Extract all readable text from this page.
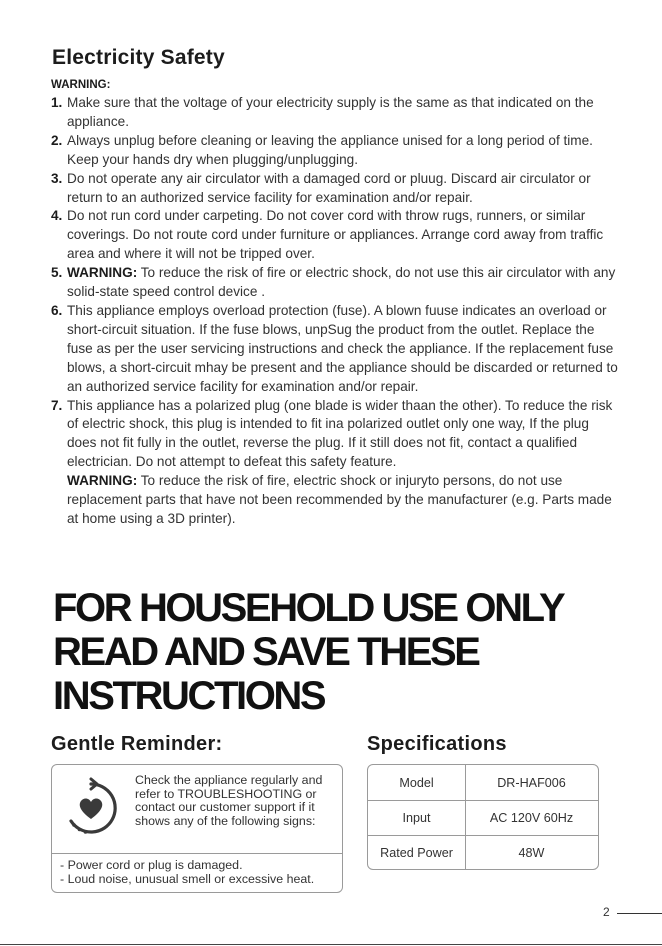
Electricity Safety
WARNING:
1. Make sure that the voltage of your electricity supply is the same as that indicated on the appliance.
2. Always unplug before cleaning or leaving the appliance unised for a long period of time. Keep your hands dry when plugging/unplugging.
3. Do not operate any air circulator with a damaged cord or pluug. Discard air circulator or return to an authorized service facility for examination and/or repair.
4. Do not run cord under carpeting. Do not cover cord with throw rugs, runners, or similar coverings. Do not route cord under furniture or appliances. Arrange cord away from traffic area and where it will not be tripped over.
5. WARNING: To reduce the risk of fire or electric shock, do not use this air circulator with any solid-state speed control device .
6. This appliance employs overload protection (fuse). A blown fuuse indicates an overload or short-circuit situation. If the fuse blows, unpSug the product from the outlet. Replace the fuse as per the user servicing instructions and check the appliance. If the replacement fuse blows, a short-circuit mhay be present and the appliance should be discarded or returned to an authorized service facility for examination and/or repair.
7. This appliance has a polarized plug (one blade is wider thaan the other). To reduce the risk of electric shock, this plug is intended to fit ina polarized outlet only one way, If the plug does not fit fully in the outlet, reverse the plug. If it still does not fit, contact a qualified electrician. Do not attempt to defeat this safety feature.
WARNING: To reduce the risk of fire, electric shock or injuryto persons, do not use replacement parts that have not been recommended by the manufacturer (e.g. Parts made at home using a 3D printer).
FOR HOUSEHOLD USE ONLY
READ AND SAVE THESE
INSTRUCTIONS
Gentle Reminder:	Specifications
Check the appliance regularly and refer to TROUBLESHOOTING or contact our customer support if it shows any of the following signs:
- Power cord or plug is damaged.
- Loud noise, unusual smell or excessive heat.
Model	DR-HAF006
Input	AC 120V 60Hz
Rated Power	48W
2
